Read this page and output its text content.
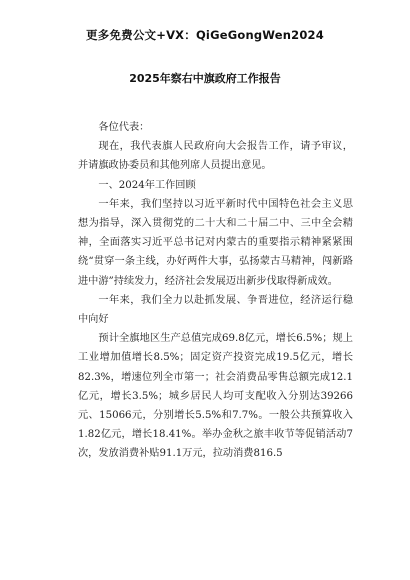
更多免费公文+VX：QiGeGongWen2024
2025年察右中旗政府工作报告

各位代表：

现在，我代表旗人民政府向大会报告工作，请予审议，并请旗政协委员和其他列席人员提出意见。

一、2024年工作回顾

一年来，我们坚持以习近平新时代中国特色社会主义思想为指导，深入贯彻党的二十大和二十届二中、三中全会精神，全面落实习近平总书记对内蒙古的重要指示精神紧紧围绕“贯穿一条主线，办好两件大事，弘扬蒙古马精神，闯新路进中游”持续发力，经济社会发展迈出新步伐取得新成效。

一年来，我们全力以赴抓发展、争晋进位，经济运行稳中向好

预计全旗地区生产总值完成69.8亿元，增长6.5%；规上工业增加值增长8.5%；固定资产投资完成19.5亿元，增长82.3%，增速位列全市第一；社会消费品零售总额完成12.1亿元，增长3.5%；城乡居民人均可支配收入分别达39266元、15066元，分别增长5.5%和7.7%。一般公共预算收入1.82亿元，增长18.41%。举办金秋之旅丰收节等促销活动7次，发放消费补贴91.1万元，拉动消费816.5
